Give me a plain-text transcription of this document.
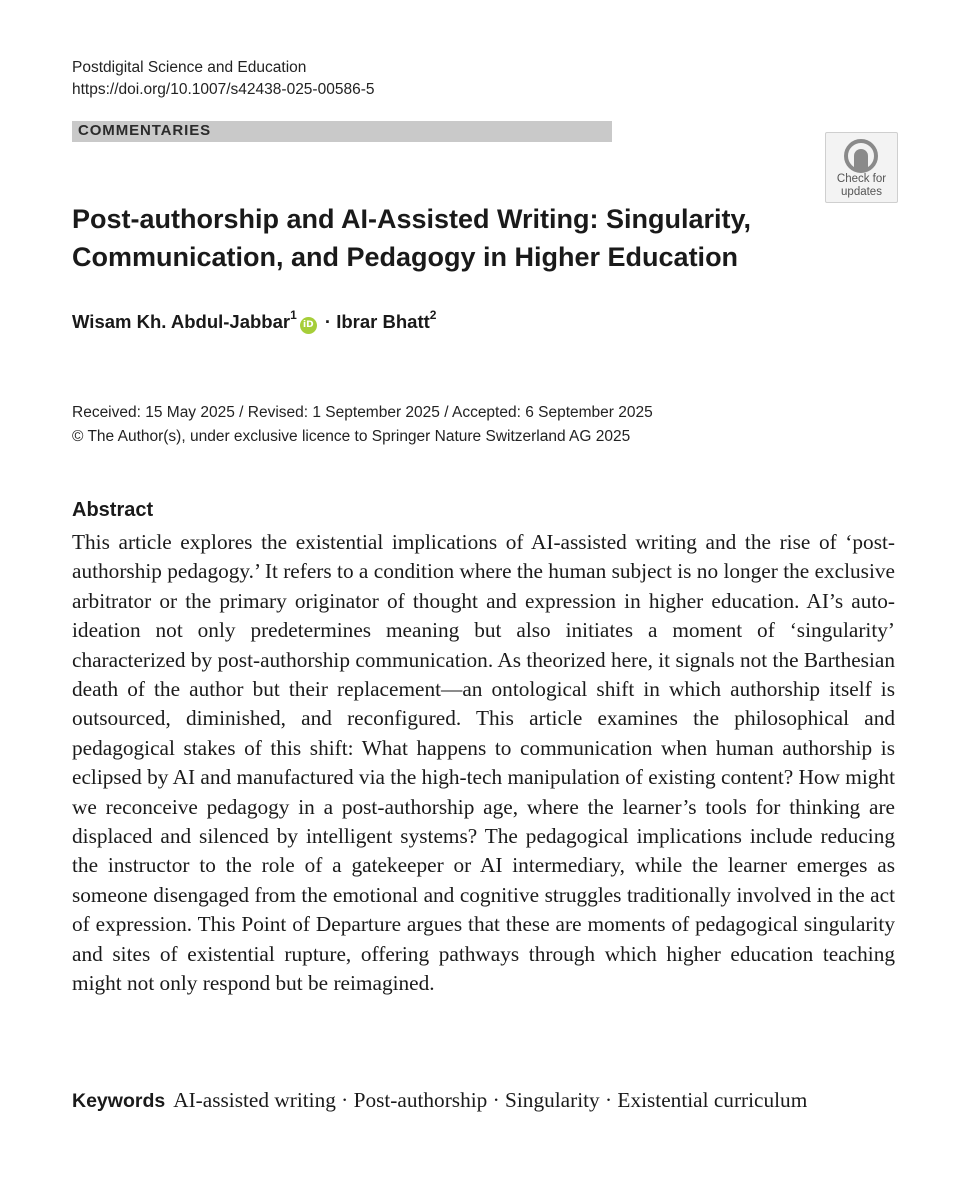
Postdigital Science and Education
https://doi.org/10.1007/s42438-025-00586-5
COMMENTARIES
Check for
updates
Post-authorship and AI-Assisted Writing: Singularity, Communication, and Pedagogy in Higher Education
Wisam Kh. Abdul-Jabbar$^1$iD · Ibrar Bhatt$^2$
Received: 15 May 2025 / Revised: 1 September 2025 / Accepted: 6 September 2025
© The Author(s), under exclusive licence to Springer Nature Switzerland AG 2025
Abstract
This article explores the existential implications of AI-assisted writing and the rise of ‘post-authorship pedagogy.’ It refers to a condition where the human subject is no longer the exclusive arbitrator or the primary originator of thought and expression in higher education. AI’s auto-ideation not only predetermines meaning but also initiates a moment of ‘singularity’ characterized by post-authorship communication. As theorized here, it signals not the Barthesian death of the author but their replacement—an ontological shift in which authorship itself is outsourced, diminished, and reconfigured. This article examines the philosophical and pedagogical stakes of this shift: What happens to communication when human authorship is eclipsed by AI and manufactured via the high-tech manipulation of existing content? How might we reconceive pedagogy in a post-authorship age, where the learner’s tools for thinking are displaced and silenced by intelligent systems? The pedagogical implications include reducing the instructor to the role of a gatekeeper or AI intermediary, while the learner emerges as someone disengaged from the emotional and cognitive struggles traditionally involved in the act of expression. This Point of Departure argues that these are moments of pedagogical singularity and sites of existential rupture, offering pathways through which higher education teaching might not only respond but be reimagined.
Keywords AI-assisted writing · Post-authorship · Singularity · Existential curriculum
